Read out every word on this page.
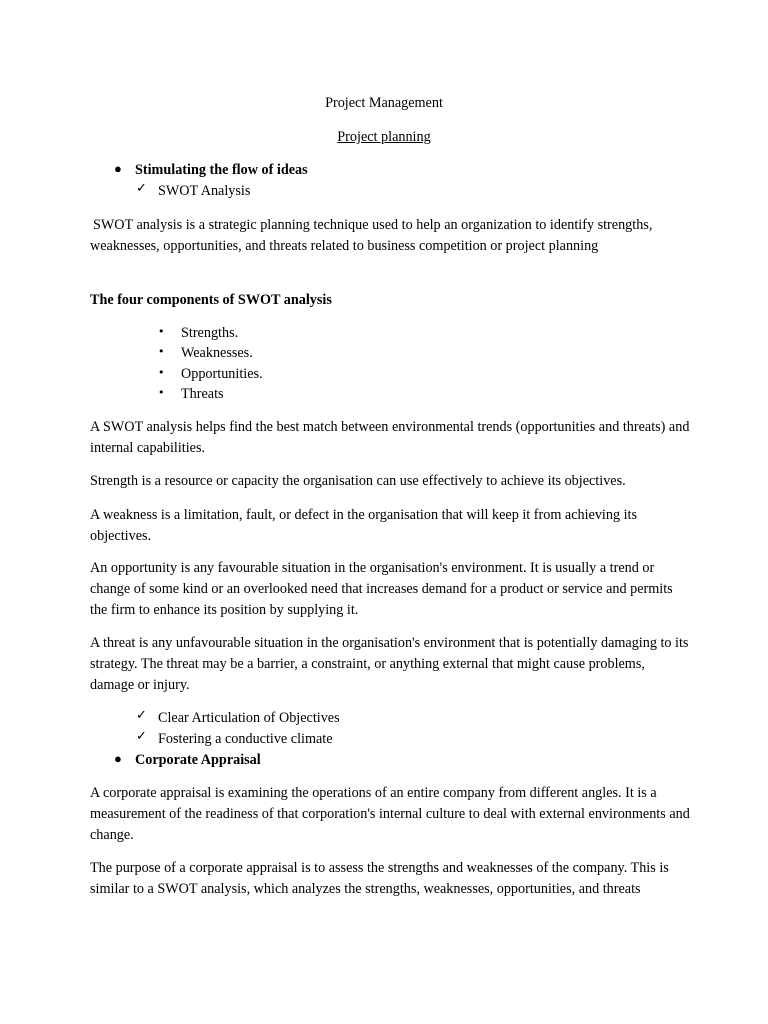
Project Management
Project planning
● Stimulating the flow of ideas
✓ SWOT Analysis
SWOT analysis is a strategic planning technique used to help an organization to identify strengths, weaknesses, opportunities, and threats related to business competition or project planning
The four components of SWOT analysis
• Strengths.
• Weaknesses.
• Opportunities.
• Threats
A SWOT analysis helps find the best match between environmental trends (opportunities and threats) and internal capabilities.
Strength is a resource or capacity the organisation can use effectively to achieve its objectives.
A weakness is a limitation, fault, or defect in the organisation that will keep it from achieving its objectives.
An opportunity is any favourable situation in the organisation's environment. It is usually a trend or change of some kind or an overlooked need that increases demand for a product or service and permits the firm to enhance its position by supplying it.
A threat is any unfavourable situation in the organisation's environment that is potentially damaging to its strategy. The threat may be a barrier, a constraint, or anything external that might cause problems, damage or injury.
✓ Clear Articulation of Objectives
✓ Fostering a conductive climate
● Corporate Appraisal
A corporate appraisal is examining the operations of an entire company from different angles. It is a measurement of the readiness of that corporation's internal culture to deal with external environments and change.
The purpose of a corporate appraisal is to assess the strengths and weaknesses of the company. This is similar to a SWOT analysis, which analyzes the strengths, weaknesses, opportunities, and threats
